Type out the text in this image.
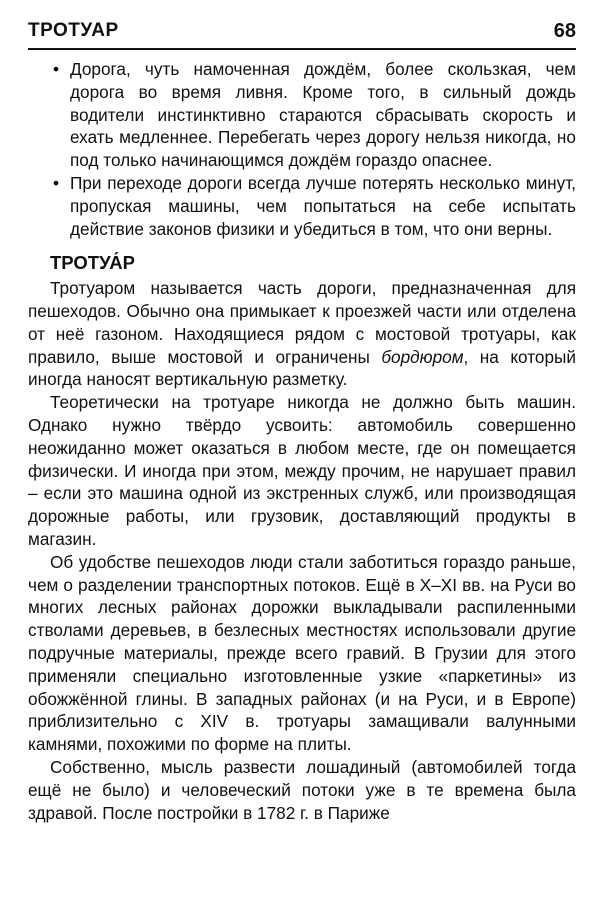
ТРОТУАР	68
• Дорога, чуть намоченная дождём, более скользкая, чем дорога во время ливня. Кроме того, в сильный дождь водители инстинктивно стараются сбрасывать скорость и ехать медленнее. Перебегать через дорогу нельзя никогда, но под только начинающимся дождём гораздо опаснее.
• При переходе дороги всегда лучше потерять несколько минут, пропуская машины, чем попытаться на себе испытать действие законов физики и убедиться в том, что они верны.
ТРОТУА́Р

Тротуаром называется часть дороги, предназначенная для пешеходов. Обычно она примыкает к проезжей части или отделена от неё газоном. Находящиеся рядом с мостовой тротуары, как правило, выше мостовой и ограничены бордюром, на который иногда наносят вертикальную разметку.

Теоретически на тротуаре никогда не должно быть машин. Однако нужно твёрдо усвоить: автомобиль совершенно неожиданно может оказаться в любом месте, где он помещается физически. И иногда при этом, между прочим, не нарушает правил – если это машина одной из экстренных служб, или производящая дорожные работы, или грузовик, доставляющий продукты в магазин.

Об удобстве пешеходов люди стали заботиться гораздо раньше, чем о разделении транспортных потоков. Ещё в X–XI вв. на Руси во многих лесных районах дорожки выкладывали распиленными стволами деревьев, в безлесных местностях использовали другие подручные материалы, прежде всего гравий. В Грузии для этого применяли специально изготовленные узкие «паркетины» из обожжённой глины. В западных районах (и на Руси, и в Европе) приблизительно с XIV в. тротуары замащивали валунными камнями, похожими по форме на плиты.

Собственно, мысль развести лошадиный (автомобилей тогда ещё не было) и человеческий потоки уже в те времена была здравой. После постройки в 1782 г. в Париже
